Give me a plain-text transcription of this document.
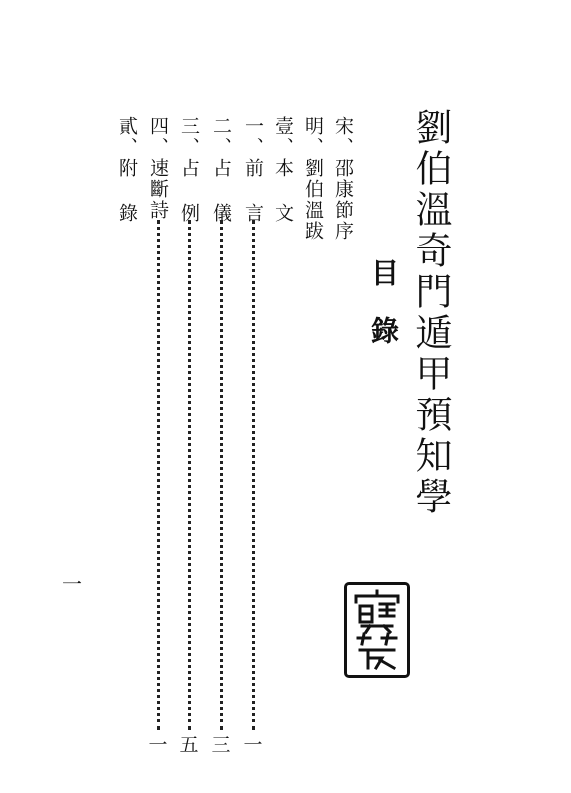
劉伯溫奇門遁甲預知學
目錄
宋、邵康節序
明、劉伯溫跋
壹、本 文
一、前 言
二、占 儀
三、占 例
四、速斷詩
貳、附 錄
一
三
五
一
一
